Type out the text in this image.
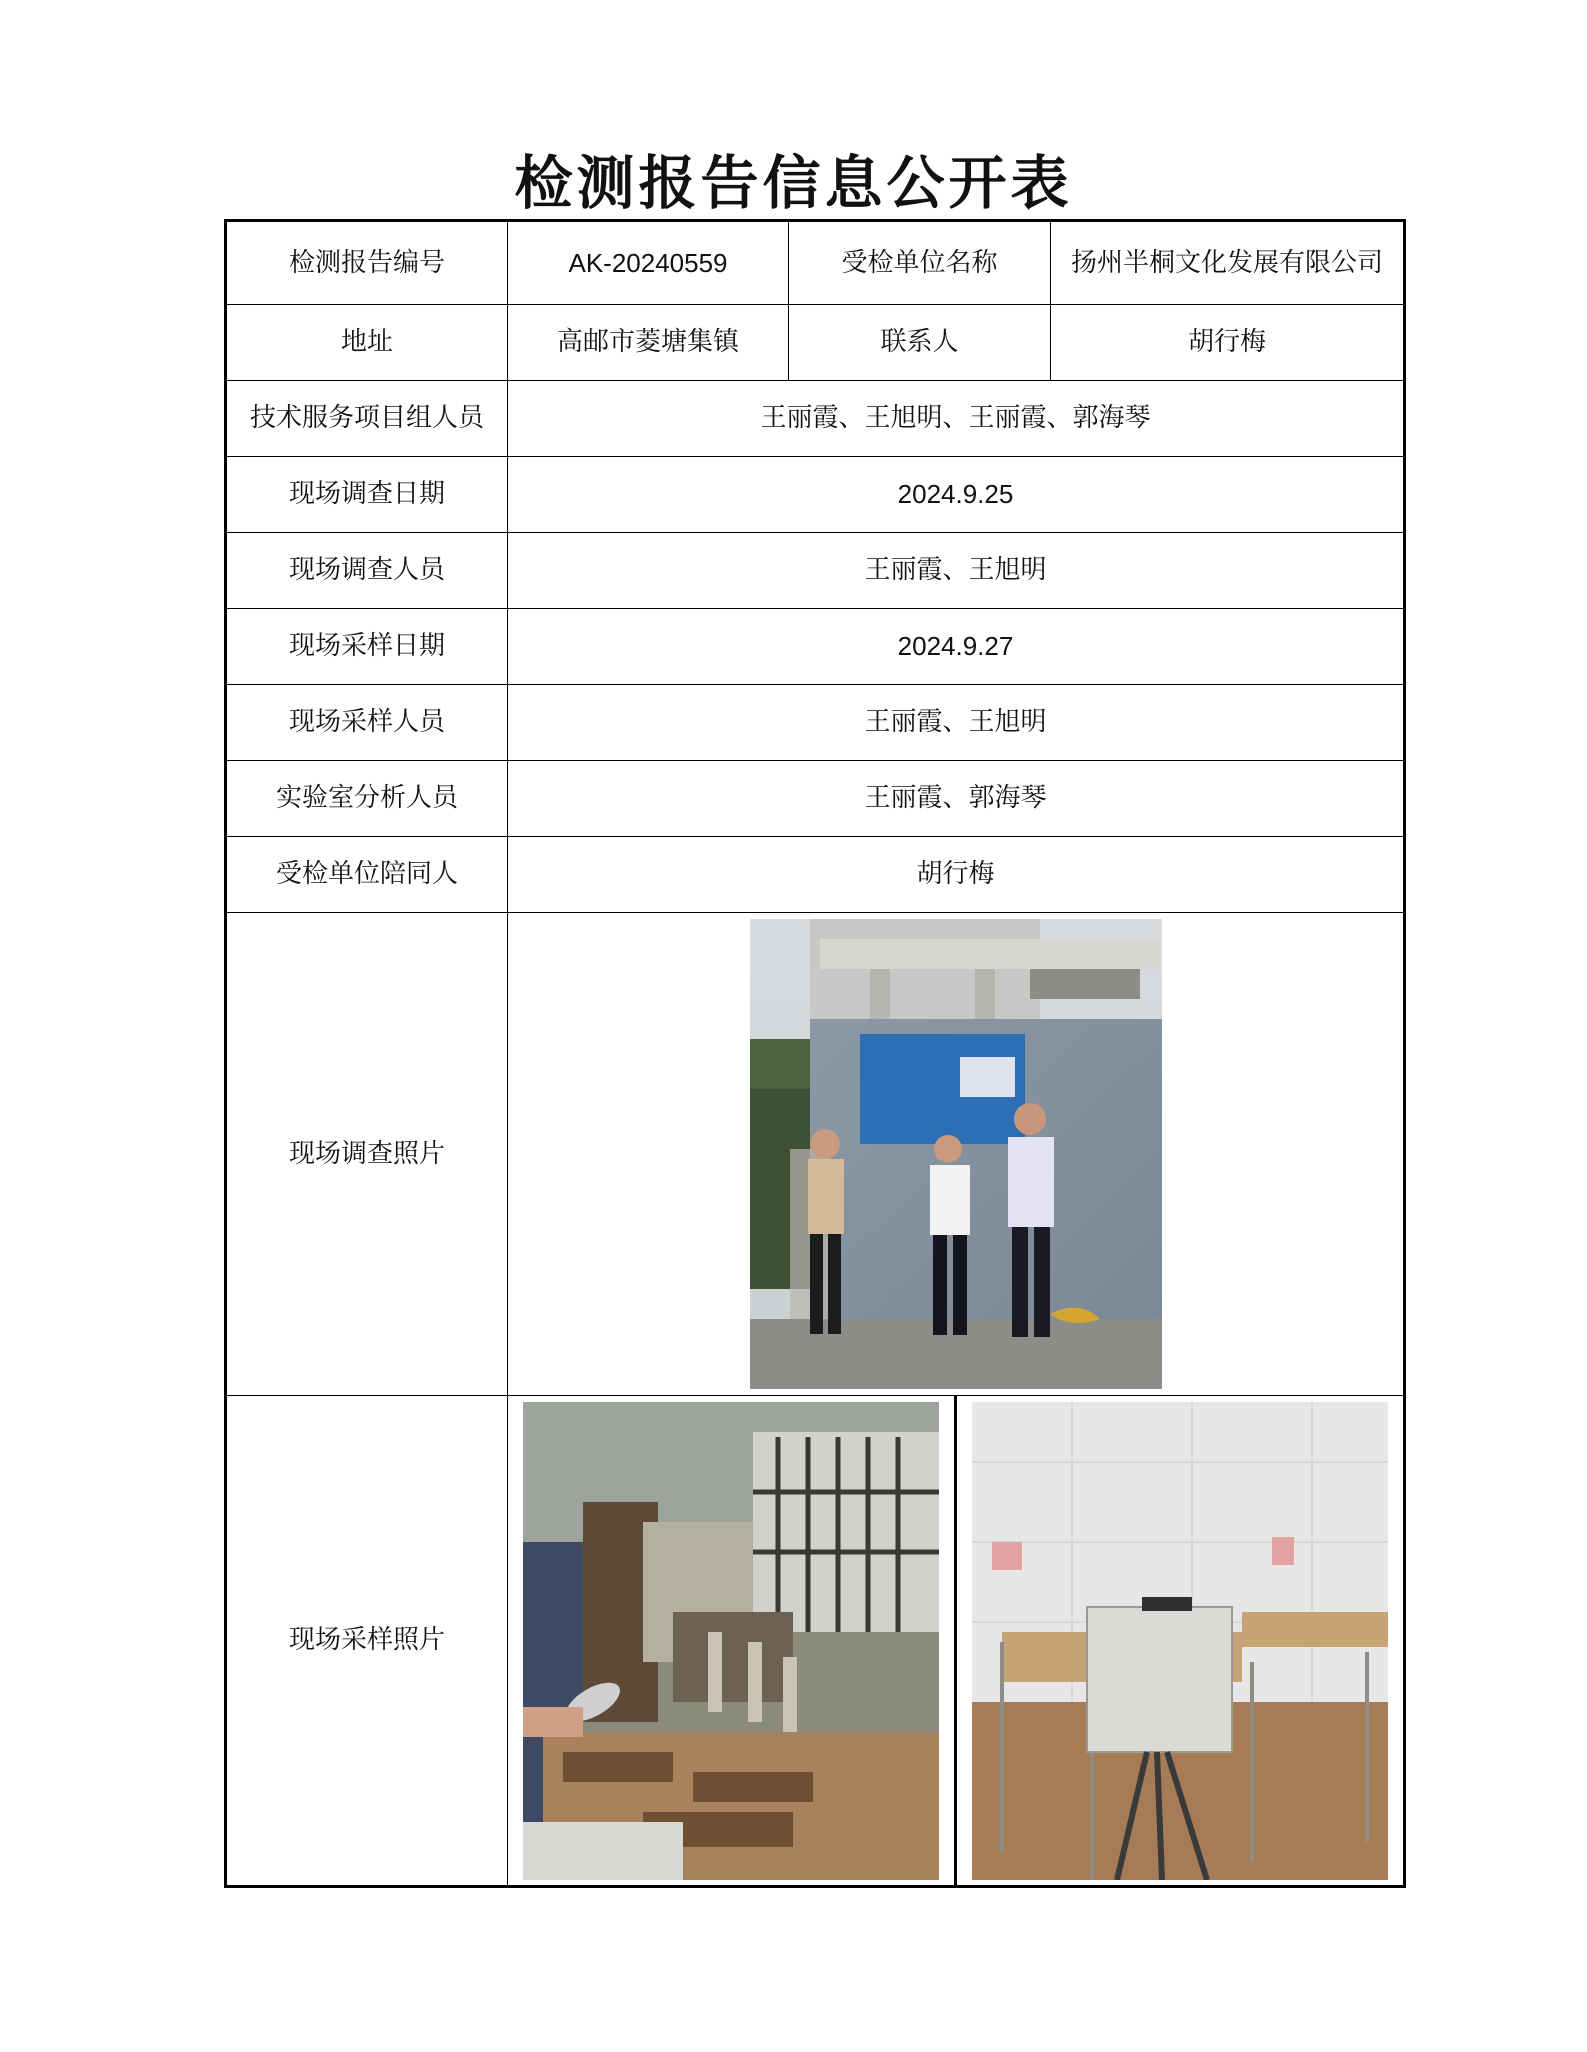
检测报告信息公开表
检测报告编号	AK-20240559	受检单位名称	扬州半桐文化发展有限公司
地址	高邮市菱塘集镇	联系人	胡行梅
技术服务项目组人员	王丽霞、王旭明、王丽霞、郭海琴		
现场调查日期	2024.9.25		
现场调查人员	王丽霞、王旭明		
现场采样日期	2024.9.27		
现场采样人员	王丽霞、王旭明		
实验室分析人员	王丽霞、郭海琴		
受检单位陪同人	胡行梅		
现场调查照片	

现场采样照片	
